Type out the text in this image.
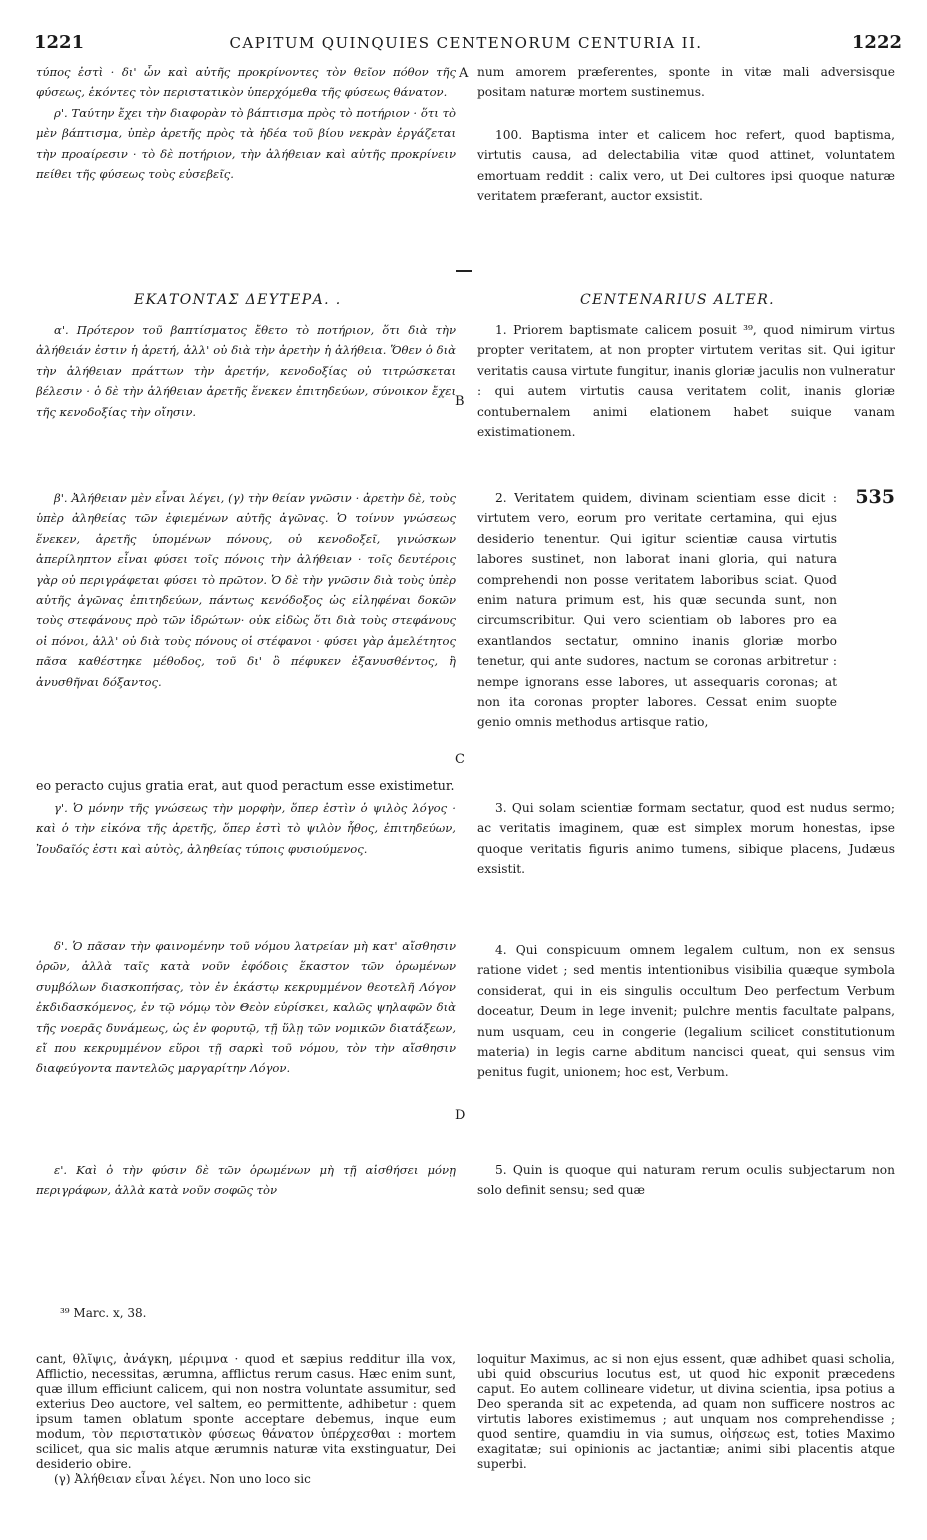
1221	CAPITUM QUINQUIES CENTENORUM CENTURIA II.	1222

τύπος ἐστὶ · δι' ὧν καὶ αὐτῆς προκρίνοντες τὸν θεῖον πόθον τῆς φύσεως, ἑκόντες τὸν περιστατικὸν ὑπερχόμεθα τῆς φύσεως θάνατον.

ρ'. Ταύτην ἔχει τὴν διαφορὰν τὸ βάπτισμα πρὸς τὸ ποτήριον · ὅτι τὸ μὲν βάπτισμα, ὑπὲρ ἀρετῆς πρὸς τὰ ἡδέα τοῦ βίου νεκρὰν ἐργάζεται τὴν προαίρεσιν · τὸ δὲ ποτήριον, τὴν ἀλήθειαν καὶ αὐτῆς προκρίνειν πείθει τῆς φύσεως τοὺς εὐσεβεῖς.

A num amorem præferentes, sponte in vitæ mali adversisque positam naturæ mortem sustinemus.

100. Baptisma inter et calicem hoc refert, quod baptisma, virtutis causa, ad delectabilia vitæ quod attinet, voluntatem emortuam reddit : calix vero, ut Dei cultores ipsi quoque naturæ veritatem præferant, auctor exsistit.

ΕΚΑΤΟΝΤΑΣ ΔΕΥΤΕΡΑ. .	CENTENARIUS ALTER.

α'. Πρότερον τοῦ βαπτίσματος ἔθετο τὸ ποτήριον, ὅτι διὰ τὴν ἀλήθειάν ἐστιν ἡ ἀρετή, ἀλλ' οὐ διὰ τὴν ἀρετὴν ἡ ἀλήθεια. Ὅθεν ὁ διὰ τὴν ἀλήθειαν πράττων τὴν ἀρετήν, κενοδοξίας οὐ τιτρώσκεται βέλεσιν · ὁ δὲ τὴν ἀλήθειαν ἀρετῆς ἕνεκεν ἐπιτηδεύων, σύνοικον ἔχει τῆς κενοδοξίας τὴν οἴησιν.

B

β'. Ἀλήθειαν μὲν εἶναι λέγει, (γ) τὴν θείαν γνῶσιν · ἀρετὴν δὲ, τοὺς ὑπὲρ ἀληθείας τῶν ἐφιεμένων αὐτῆς ἀγῶνας. Ὁ τοίνυν γνώσεως ἕνεκεν, ἀρετῆς ὑπομένων πόνους, οὐ κενοδοξεῖ, γινώσκων ἀπερίληπτον εἶναι φύσει τοῖς πόνοις τὴν ἀλήθειαν · τοῖς δευτέροις γὰρ οὐ περιγράφεται φύσει τὸ πρῶτον. Ὁ δὲ τὴν γνῶσιν διὰ τοὺς ὑπὲρ αὐτῆς ἀγῶνας ἐπιτηδεύων, πάντως κενόδοξος ὡς εἰληφέναι δοκῶν τοὺς στεφάνους πρὸ τῶν ἱδρώτων· οὐκ εἰδὼς ὅτι διὰ τοὺς στεφάνους οἱ πόνοι, ἀλλ' οὐ διὰ τοὺς πόνους οἱ στέφανοι · φύσει γὰρ ἀμελέτητος πᾶσα καθέστηκε μέθοδος, τοῦ δι' ὃ πέφυκεν ἐξανυσθέντος, ἢ ἀνυσθῆναι δόξαντος.

C
eo peracto cujus gratia erat, aut quod peractum esse existimetur.

γ'. Ὁ μόνην τῆς γνώσεως τὴν μορφὴν, ὅπερ ἐστὶν ὁ ψιλὸς λόγος · καὶ ὁ τὴν εἰκόνα τῆς ἀρετῆς, ὅπερ ἐστὶ τὸ ψιλὸν ἦθος, ἐπιτηδεύων, Ἰουδαῖός ἐστι καὶ αὐτὸς, ἀληθείας τύποις φυσιούμενος.

δ'. Ὁ πᾶσαν τὴν φαινομένην τοῦ νόμου λατρείαν μὴ κατ' αἴσθησιν ὁρῶν, ἀλλὰ ταῖς κατὰ νοῦν ἐφόδοις ἕκαστον τῶν ὁρωμένων συμβόλων διασκοπήσας, τὸν ἐν ἑκάστῳ κεκρυμμένον θεοτελῆ Λόγον ἐκδιδασκόμενος, ἐν τῷ νόμῳ τὸν Θεὸν εὑρίσκει, καλῶς ψηλαφῶν διὰ τῆς νοερᾶς δυνάμεως, ὡς ἐν φορυτῷ, τῇ ὕλῃ τῶν νομικῶν διατάξεων, εἴ που κεκρυμμένον εὕροι τῇ σαρκὶ τοῦ νόμου, τὸν τὴν αἴσθησιν διαφεύγοντα παντελῶς μαργαρίτην Λόγον.

D

ε'. Καὶ ὁ τὴν φύσιν δὲ τῶν ὁρωμένων μὴ τῇ αἰσθήσει μόνῃ περιγράφων, ἀλλὰ κατὰ νοῦν σοφῶς τὸν

1. Priorem baptismate calicem posuit ³⁹, quod nimirum virtus propter veritatem, at non propter virtutem veritas sit. Qui igitur veritatis causa virtute fungitur, inanis gloriæ jaculis non vulneratur : qui autem virtutis causa veritatem colit, inanis gloriæ contubernalem animi elationem habet suique vanam existimationem.

535

2. Veritatem quidem, divinam scientiam esse dicit : virtutem vero, eorum pro veritate certamina, qui ejus desiderio tenentur. Qui igitur scientiæ causa virtutis labores sustinet, non laborat inani gloria, qui natura comprehendi non posse veritatem laboribus sciat. Quod enim natura primum est, his quæ secunda sunt, non circumscribitur. Qui vero scientiam ob labores pro ea exantlandos sectatur, omnino inanis gloriæ morbo tenetur, qui ante sudores, nactum se coronas arbitretur : nempe ignorans esse labores, ut assequaris coronas; at non ita coronas propter labores. Cessat enim suopte genio omnis methodus artisque ratio,

3. Qui solam scientiæ formam sectatur, quod est nudus sermo; ac veritatis imaginem, quæ est simplex morum honestas, ipse quoque veritatis figuris animo tumens, sibique placens, Judæus exsistit.

4. Qui conspicuum omnem legalem cultum, non ex sensus ratione videt ; sed mentis intentionibus visibilia quæque symbola considerat, qui in eis singulis occultum Deo perfectum Verbum doceatur, Deum in lege invenit; pulchre mentis facultate palpans, num usquam, ceu in congerie (legalium scilicet constitutionum materia) in legis carne abditum nancisci queat, qui sensus vim penitus fugit, unionem; hoc est, Verbum.

5. Quin is quoque qui naturam rerum oculis subjectarum non solo definit sensu; sed quæ

³⁹ Marc. x, 38.

cant, θλῖψις, ἀνάγκη, μέριμνα · quod et sæpius redditur illa vox, Afflictio, necessitas, ærumna, afflictus rerum casus. Hæc enim sunt, quæ illum efficiunt calicem, qui non nostra voluntate assumitur, sed exterius Deo auctore, vel saltem, eo permittente, adhibetur : quem ipsum tamen oblatum sponte acceptare debemus, inque eum modum, τὸν περιστατικὸν φύσεως θάνατον ὑπέρχεσθαι : mortem scilicet, qua sic malis atque ærumnis naturæ vita exstinguatur, Dei desiderio obire.

(γ) Ἀλήθειαν εἶναι λέγει. Non uno loco sic

loquitur Maximus, ac si non ejus essent, quæ adhibet quasi scholia, ubi quid obscurius locutus est, ut quod hic exponit præcedens caput. Eo autem collineare videtur, ut divina scientia, ipsa potius a Deo speranda sit ac expetenda, ad quam non sufficere nostros ac virtutis labores existimemus ; aut unquam nos comprehendisse ; quod sentire, quamdiu in via sumus, οἰήσεως est, toties Maximo exagitatæ; sui opinionis ac jactantiæ; animi sibi placentis atque superbi.
